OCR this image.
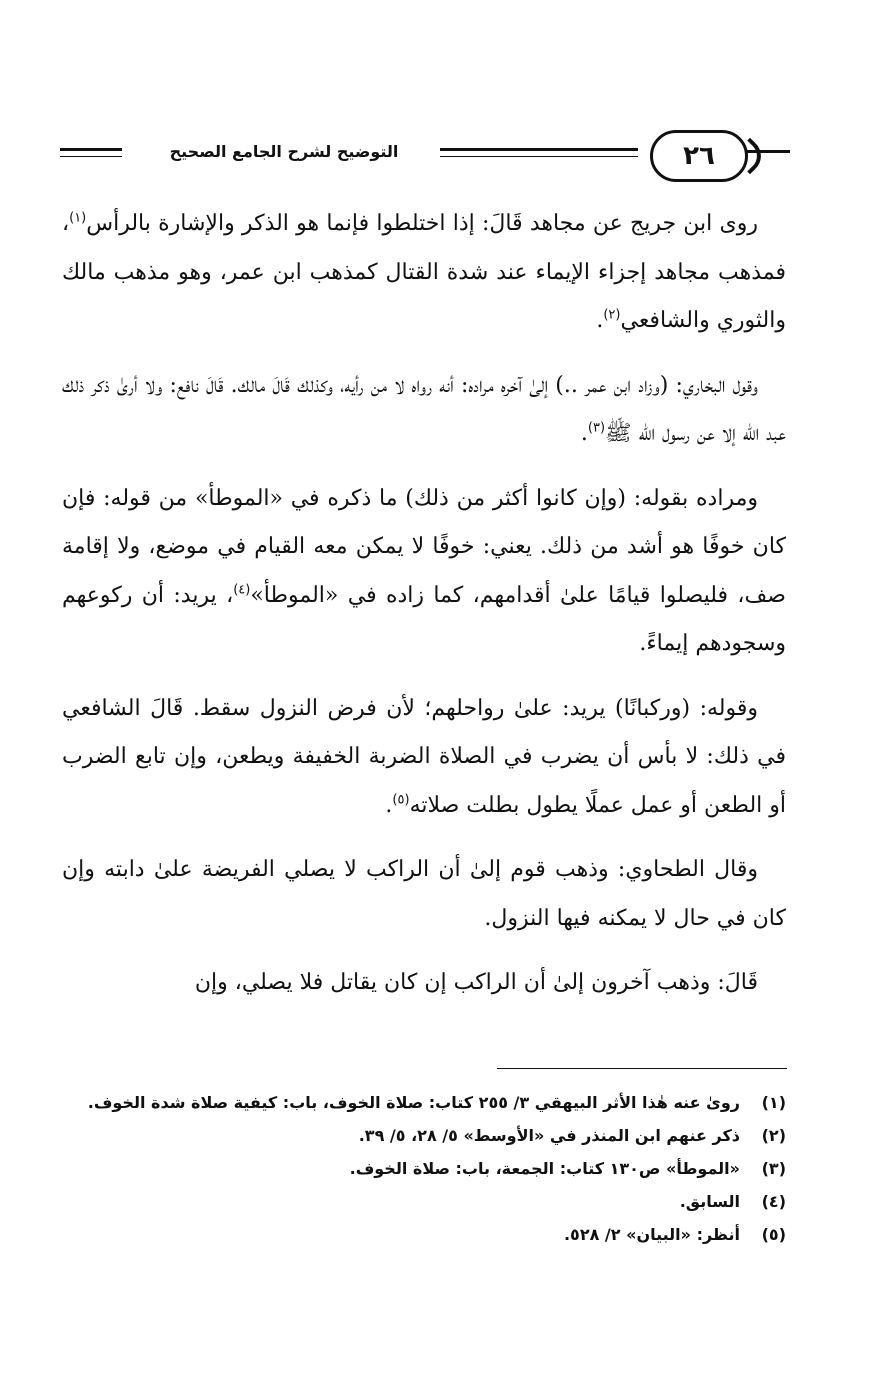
التوضيح لشرح الجامع الصحيح	٢٦

روى ابن جريج عن مجاهد قَالَ: إذا اختلطوا فإنما هو الذكر والإشارة بالرأس$^{(١)}$، فمذهب مجاهد إجزاء الإيماء عند شدة القتال كمذهب ابن عمر، وهو مذهب مالك والثوري والشافعي$^{(٢)}$.

وقول البخاري: (وزاد ابن عمر ..) إلىٰ آخره مراده: أنه رواه لا من رأيه، وكذلك قَالَ مالك. قَالَ نافع: ولا أرىٰ ذكر ذلك عبد الله إلا عن رسول الله ﷺ$^{(٣)}$.

ومراده بقوله: (وإن كانوا أكثر من ذلك) ما ذكره في «الموطأ» من قوله: فإن كان خوفًا هو أشد من ذلك. يعني: خوفًا لا يمكن معه القيام في موضع، ولا إقامة صف، فليصلوا قيامًا علىٰ أقدامهم، كما زاده في «الموطأ»$^{(٤)}$، يريد: أن ركوعهم وسجودهم إيماءً.

وقوله: (وركبانًا) يريد: علىٰ رواحلهم؛ لأن فرض النزول سقط. قَالَ الشافعي في ذلك: لا بأس أن يضرب في الصلاة الضربة الخفيفة ويطعن، وإن تابع الضرب أو الطعن أو عمل عملًا يطول بطلت صلاته$^{(٥)}$.

وقال الطحاوي: وذهب قوم إلىٰ أن الراكب لا يصلي الفريضة علىٰ دابته وإن كان في حال لا يمكنه فيها النزول.

قَالَ: وذهب آخرون إلىٰ أن الراكب إن كان يقاتل فلا يصلي، وإن

(١)
روىٰ عنه هٰذا الأثر البيهقي ٣/ ٢٥٥ كتاب: صلاة الخوف، باب: كيفية صلاة شدة الخوف.
(٢)
ذكر عنهم ابن المنذر في «الأوسط» ٥/ ٢٨، ٥/ ٣٩.
(٣)
«الموطأ» ص١٣٠ كتاب: الجمعة، باب: صلاة الخوف.
(٤)
السابق.
(٥)
أنظر: «البيان» ٢/ ٥٢٨.
